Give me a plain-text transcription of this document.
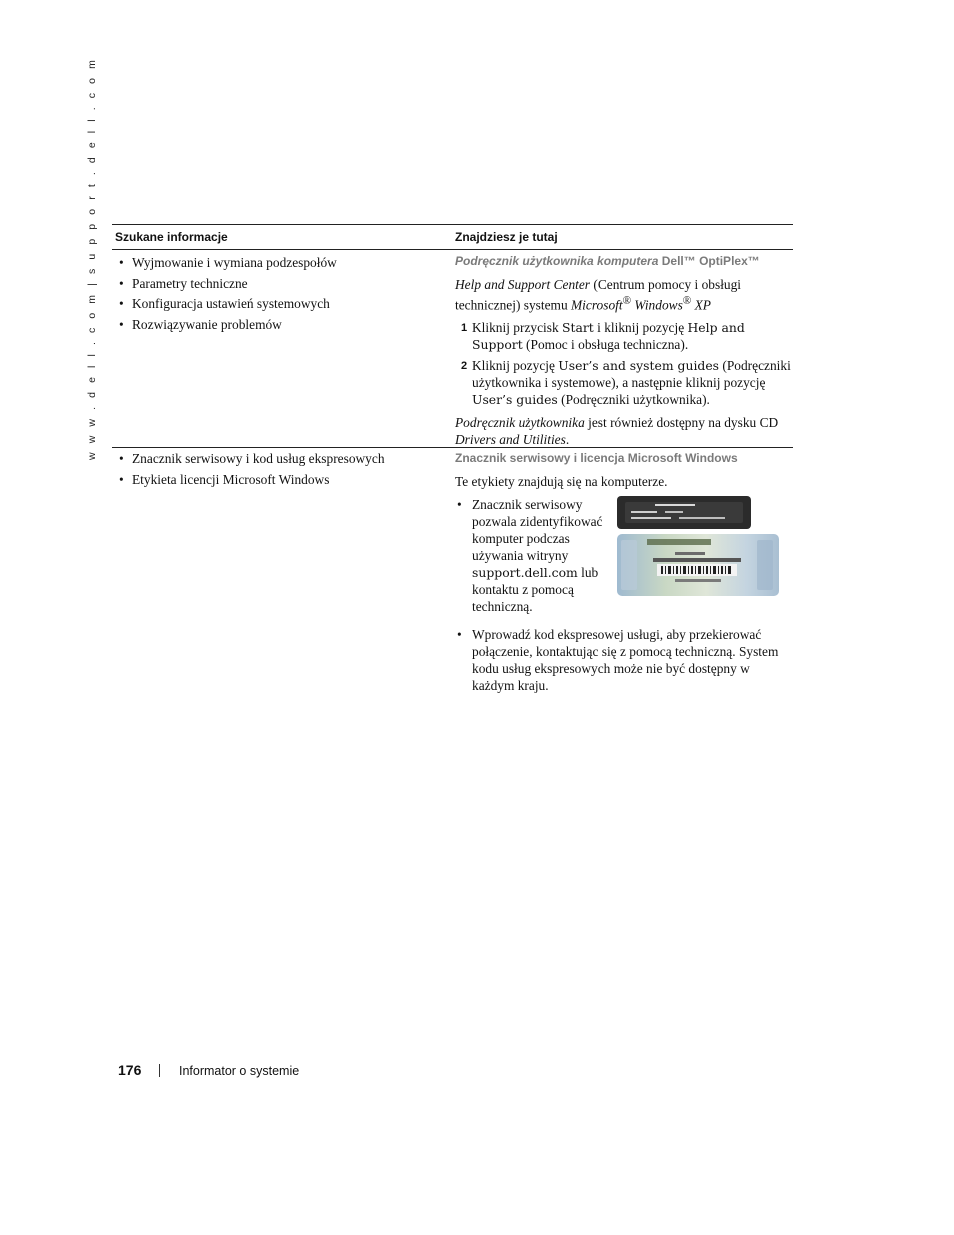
w w w . d e l l . c o m | s u p p o r t . d e l l . c o m Szukane informacje	Znajdziesz je tutaj
• Wyjmowanie i wymiana podzespołów
• Parametry techniczne
• Konfiguracja ustawień systemowych
• Rozwiązywanie problemów
Podręcznik użytkownika komputera Dell™ OptiPlex™

Help and Support Center (Centrum pomocy i obsługi technicznej) systemu Microsoft® Windows® XP

1 Kliknij przycisk Start i kliknij pozycję Help and Support (Pomoc i obsługa techniczna).
2 Kliknij pozycję User’s and system guides (Podręczniki użytkownika i systemowe), a następnie kliknij pozycję User’s guides (Podręczniki użytkownika).

Podręcznik użytkownika jest również dostępny na dysku CD Drivers and Utilities.

• Znacznik serwisowy i kod usług ekspresowych
• Etykieta licencji Microsoft Windows
Znacznik serwisowy i licencja Microsoft Windows

Te etykiety znajdują się na komputerze.

• Znacznik serwisowy pozwala zidentyfikować komputer podczas używania witryny support.dell.com lub kontaktu z pomocą techniczną.
• Wprowadź kod ekspresowej usługi, aby przekierować połączenie, kontaktując się z pomocą techniczną. System kodu usług ekspresowych może nie być dostępny w każdym kraju.
176	Informator o systemie
